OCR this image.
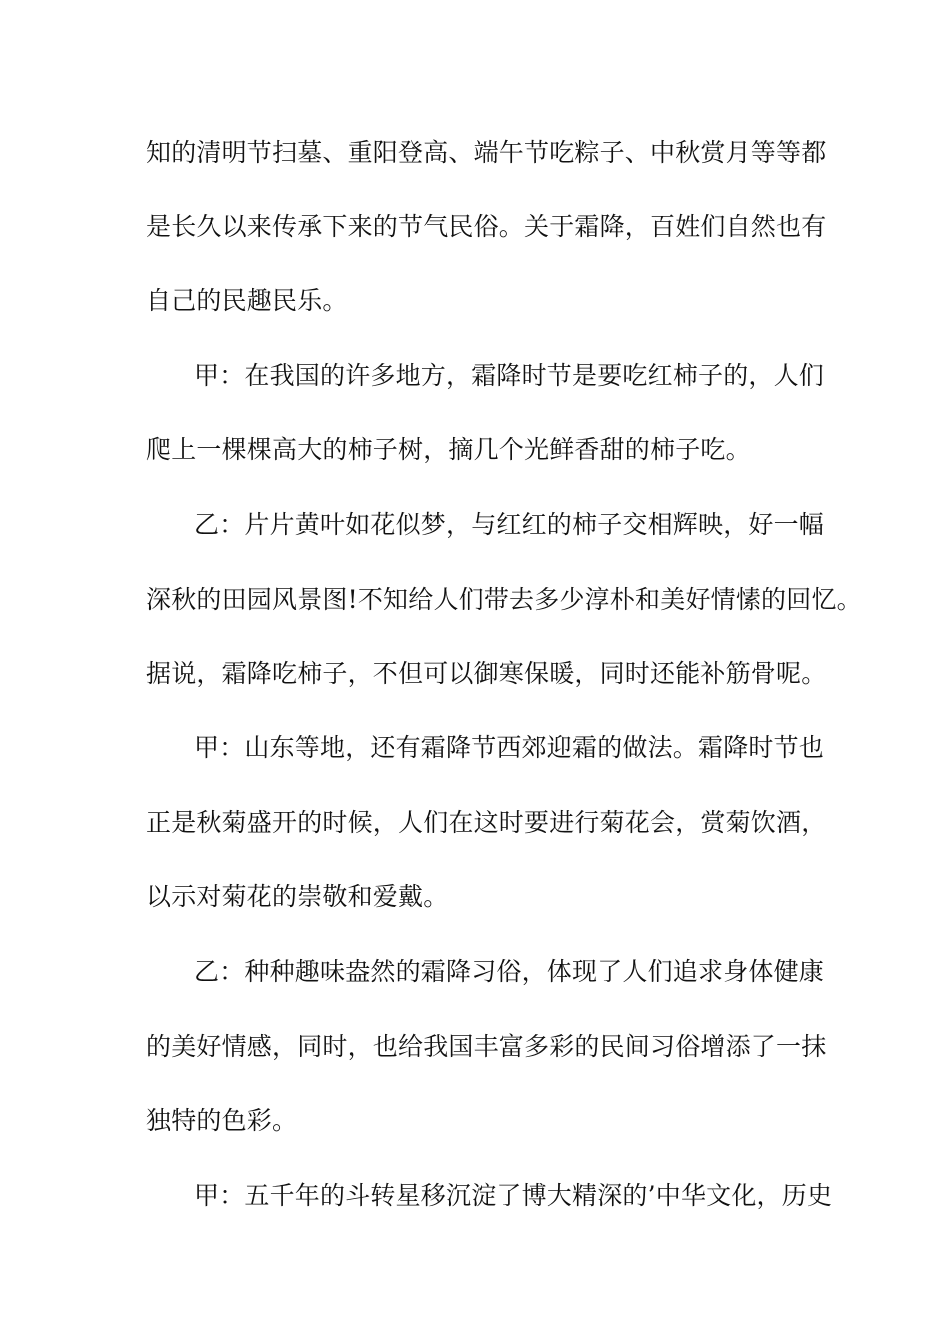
知的清明节扫墓、重阳登高、端午节吃粽子、中秋赏月等等都

是长久以来传承下来的节气民俗。关于霜降，百姓们自然也有

自己的民趣民乐。

甲：在我国的许多地方，霜降时节是要吃红柿子的，人们

爬上一棵棵高大的柿子树，摘几个光鲜香甜的柿子吃。

乙：片片黄叶如花似梦，与红红的柿子交相辉映，好一幅

深秋的田园风景图!不知给人们带去多少淳朴和美好情愫的回忆。

据说，霜降吃柿子，不但可以御寒保暖，同时还能补筋骨呢。

甲：山东等地，还有霜降节西郊迎霜的做法。霜降时节也

正是秋菊盛开的时候，人们在这时要进行菊花会，赏菊饮酒，

以示对菊花的崇敬和爱戴。

乙：种种趣味盎然的霜降习俗，体现了人们追求身体健康

的美好情感，同时，也给我国丰富多彩的民间习俗增添了一抹

独特的色彩。

甲：五千年的斗转星移沉淀了博大精深的’中华文化，历史
